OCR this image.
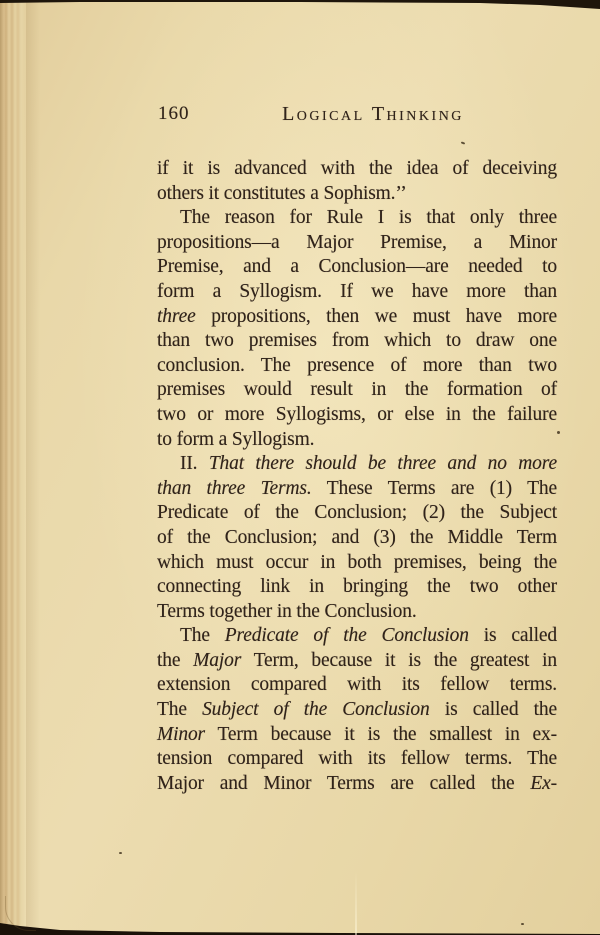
160	Logical Thinking
if it is advanced with the idea of deceiving
others it constitutes a Sophism.’’
The reason for Rule I is that only three
propositions—a Major Premise, a Minor
Premise, and a Conclusion—are needed to
form a Syllogism. If we have more than
three propositions, then we must have more
than two premises from which to draw one
conclusion. The presence of more than two
premises would result in the formation of
two or more Syllogisms, or else in the failure
to form a Syllogism.
II. That there should be three and no more
than three Terms. These Terms are (1) The
Predicate of the Conclusion; (2) the Subject
of the Conclusion; and (3) the Middle Term
which must occur in both premises, being the
connecting link in bringing the two other
Terms together in the Conclusion.
The Predicate of the Conclusion is called
the Major Term, because it is the greatest in
extension compared with its fellow terms.
The Subject of the Conclusion is called the
Minor Term because it is the smallest in ex-
tension compared with its fellow terms. The
Major and Minor Terms are called the Ex-
